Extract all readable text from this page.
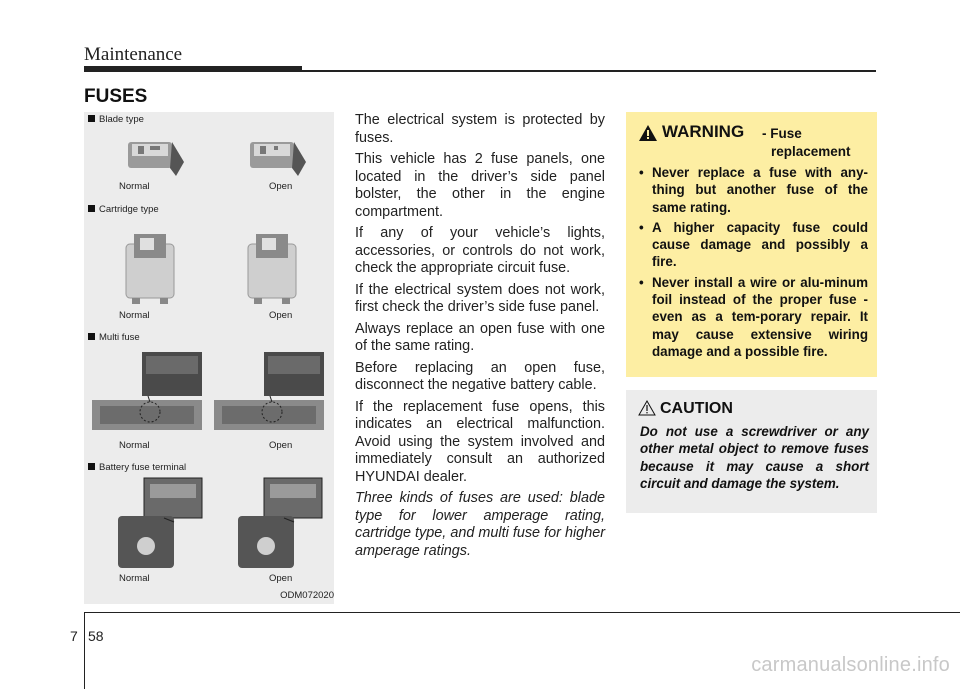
Maintenance
FUSES
Blade type
Normal	Open
Cartridge type
Normal	Open
Multi fuse
Normal	Open
Battery fuse terminal
Normal	Open
ODM072020

The electrical system is protected by fuses.

This vehicle has 2 fuse panels, one located in the driver’s side panel bolster, the other in the engine compartment.

If any of your vehicle’s lights, accessories, or controls do not work, check the appropriate circuit fuse.

If the electrical system does not work, first check the driver’s side fuse panel.

Always replace an open fuse with one of the same rating.

Before replacing an open fuse, disconnect the negative battery cable.

If the replacement fuse opens, this indicates an electrical malfunction. Avoid using the system involved and immediately consult an authorized HYUNDAI dealer.

Three kinds of fuses are used: blade type for lower amperage rating, cartridge type, and multi fuse for higher amperage ratings.

WARNING - Fuse
replacement
• Never replace a fuse with any-thing but another fuse of the same rating.
• A higher capacity fuse could cause damage and possibly a fire.
• Never install a wire or alu-minum foil instead of the proper fuse - even as a tem-porary repair. It may cause extensive wiring damage and a possible fire.
CAUTION
Do not use a screwdriver or any other metal object to remove fuses because it may cause a short circuit and damage the system.
7 58
carmanualsonline.info
